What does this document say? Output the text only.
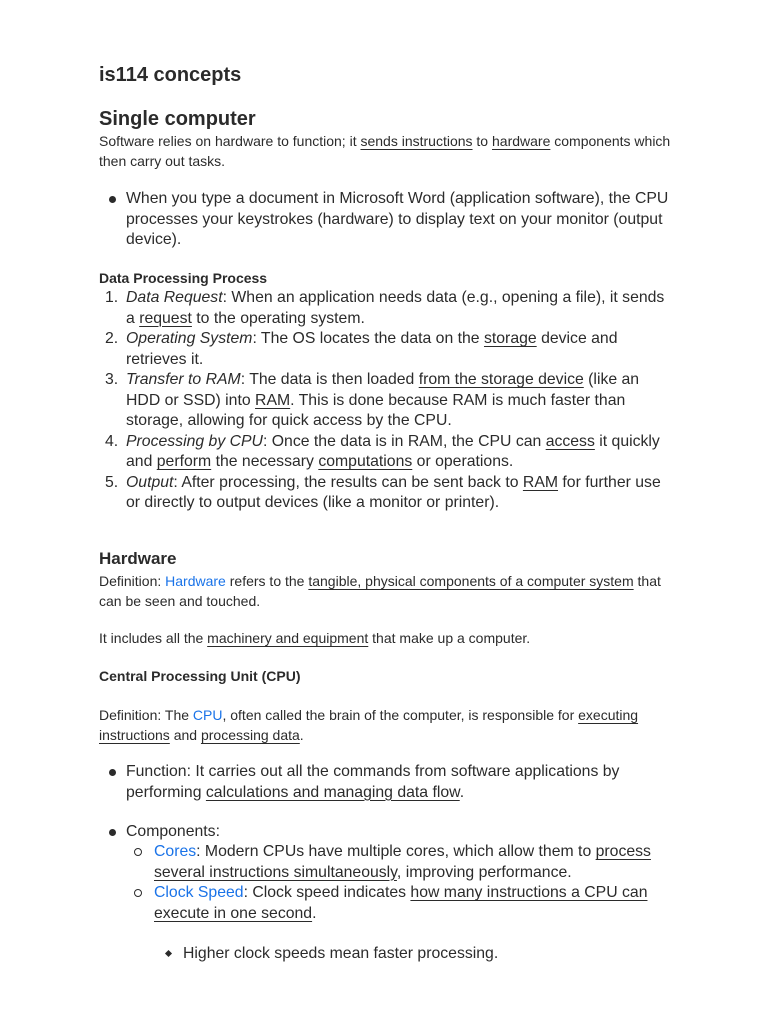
is114 concepts
Single computer

Software relies on hardware to function; it sends instructions to hardware components which then carry out tasks.

When you type a document in Microsoft Word (application software), the CPU processes your keystrokes (hardware) to display text on your monitor (output device).
Data Processing Process
1. Data Request: When an application needs data (e.g., opening a file), it sends a request to the operating system.
2. Operating System: The OS locates the data on the storage device and retrieves it.
3. Transfer to RAM: The data is then loaded from the storage device (like an HDD or SSD) into RAM. This is done because RAM is much faster than storage, allowing for quick access by the CPU.
4. Processing by CPU: Once the data is in RAM, the CPU can access it quickly and perform the necessary computations or operations.
5. Output: After processing, the results can be sent back to RAM for further use or directly to output devices (like a monitor or printer).
Hardware

Definition: Hardware refers to the tangible, physical components of a computer system that can be seen and touched.

It includes all the machinery and equipment that make up a computer.

Central Processing Unit (CPU)

Definition: The CPU, often called the brain of the computer, is responsible for executing instructions and processing data.

Function: It carries out all the commands from software applications by performing calculations and managing data flow.
Components:
Cores: Modern CPUs have multiple cores, which allow them to process several instructions simultaneously, improving performance.
Clock Speed: Clock speed indicates how many instructions a CPU can execute in one second.
Higher clock speeds mean faster processing.
